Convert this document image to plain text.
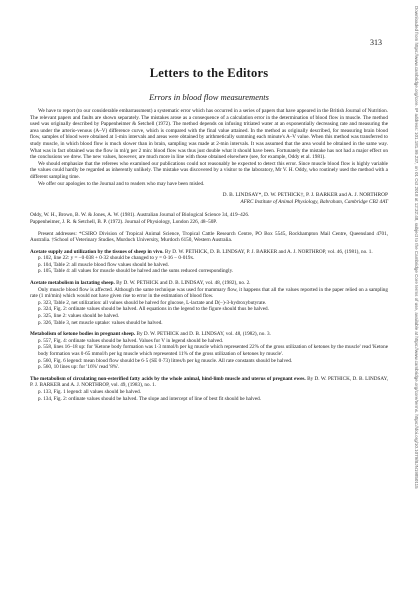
313
Letters to the Editors
Errors in blood flow measurements

We have to report (to our considerable embarrassment) a systematic error which has occurred in a series of papers that have appeared in the British Journal of Nutrition. The relevant papers and faults are shown separately. The mistakes arose as a consequence of a calculation error in the determination of blood flow in muscle. The method used was originally described by Pappenheimer & Setchell (1972). The method depends on infusing tritiated water at an exponentially decreasing rate and measuring the area under the arterio-venous (A–V) difference curve, which is compared with the final value attained. In the method as originally described, for measuring brain blood flow, samples of blood were obtained at 1-min intervals and areas were obtained by arithmetically summing each minute's A–V value. When this method was transferred to study muscle, in which blood flow is much slower than in brain, sampling was made at 2-min intervals. It was assumed that the area would be obtained in the same way. What was in fact obtained was the flow in ml/g per 2 min: blood flow was thus just double what it should have been. Fortunately the mistake has not had a major effect on the conclusions we drew. The new values, however, are much more in line with those obtained elsewhere (see, for example, Oddy et al. 1981).

We should emphasize that the referees who examined our publications could not reasonably be expected to detect this error. Since muscle blood flow is highly variable the values could hardly be regarded as inherently unlikely. The mistake was discovered by a visitor to the laboratory, Mr V. H. Oddy, who routinely used the method with a different sampling time.

We offer our apologies to the Journal and to readers who may have been misled.

D. B. LINDSAY*, D. W. PETHICK†, P. J. BARKER and A. J. NORTHROP

AFRC Institute of Animal Physiology, Babraham, Cambridge CB2 4AT

Oddy, W. H., Brown, B. W. & Jones, A. W. (1981). Australian Journal of Biological Science 34, 419–426.

Pappenheimer, J. R. & Setchell, B. P. (1972). Journal of Physiology, London 226, 48–50P.

Present addresses: *CSIRO Division of Tropical Animal Science, Tropical Cattle Research Centre, PO Box 5545, Rockhampton Mail Centre, Queensland 4701, Australia. †School of Veterinary Studies, Murdoch University, Murdoch 6150, Western Australia.

Acetate supply and utilization by the tissues of sheep in vivo. By D. W. PETHICK, D. B. LINDSAY, P. J. BARKER and A. J. NORTHROP, vol. 46, (1981), no. 1.

p. 102, line 22: y = −0·038 + 0·32 should be changed to y = 0·16 − 0·019x.

p. 104, Table 2: all muscle blood flow values should be halved.

p. 105, Table 4: all values for muscle should be halved and the sums reduced correspondingly.

Acetate metabolism in lactating sheep. By D. W. PETHICK and D. B. LINDSAY, vol. 48, (1982), no. 2.

Only muscle blood flow is affected. Although the same technique was used for mammary flow, it happens that all the values reported in the paper relied on a sampling rate (1 ml/min) which would not have given rise to error in the estimation of blood flow.

p. 323, Table 2, net utilization: all values should be halved for glucose, L-lactate and D(−)-3-hydroxybutyrate.

p. 324, Fig. 2: ordinate values should be halved. All equations in the legend to the figure should thus be halved.

p. 325, line 2: values should be halved.

p. 326, Table 3, net muscle uptake: values should be halved.

Metabolism of ketone bodies in pregnant sheep. By D. W. PETHICK and D. B. LINDSAY, vol. 48, (1982), no. 3.

p. 557, Fig. 4: ordinate values should be halved. Values for V in legend should be halved.

p. 558, lines 16–18 up: for 'Ketone body formation was 1·3 mmol/h per kg muscle which represented 22% of the gross utilization of ketones by the muscle' read 'Ketone body formation was 0·65 mmol/h per kg muscle which represented 11% of the gross utilization of ketones by muscle'.

p. 560, Fig. 6 legend: mean blood flow should be 6·5 (SE 0·73) litres/h per kg muscle. All rate constants should be halved.

p. 560, 10 lines up: for '16%' read '8%'.

The metabolism of circulating non-esterified fatty acids by the whole animal, hind-limb muscle and uterus of pregnant ewes. By D. W. PETHICK, D. B. LINDSAY, P. J. BARKER and A. J. NORTHROP, vol. 49, (1983), no. 1.

p. 133, Fig. 1 legend: all values should be halved.

p. 134, Fig. 2: ordinate values should be halved. The slope and intercept of line of best fit should be halved.	Downloaded from https://www.cambridge.org/core. IP address: 101.181.99.237, on 01 Oct 2018 at 12:32:48, subject to the Cambridge Core terms of use, available at https://www.cambridge.org/core/terms. https://doi.org/10.1079/BJN19850115
